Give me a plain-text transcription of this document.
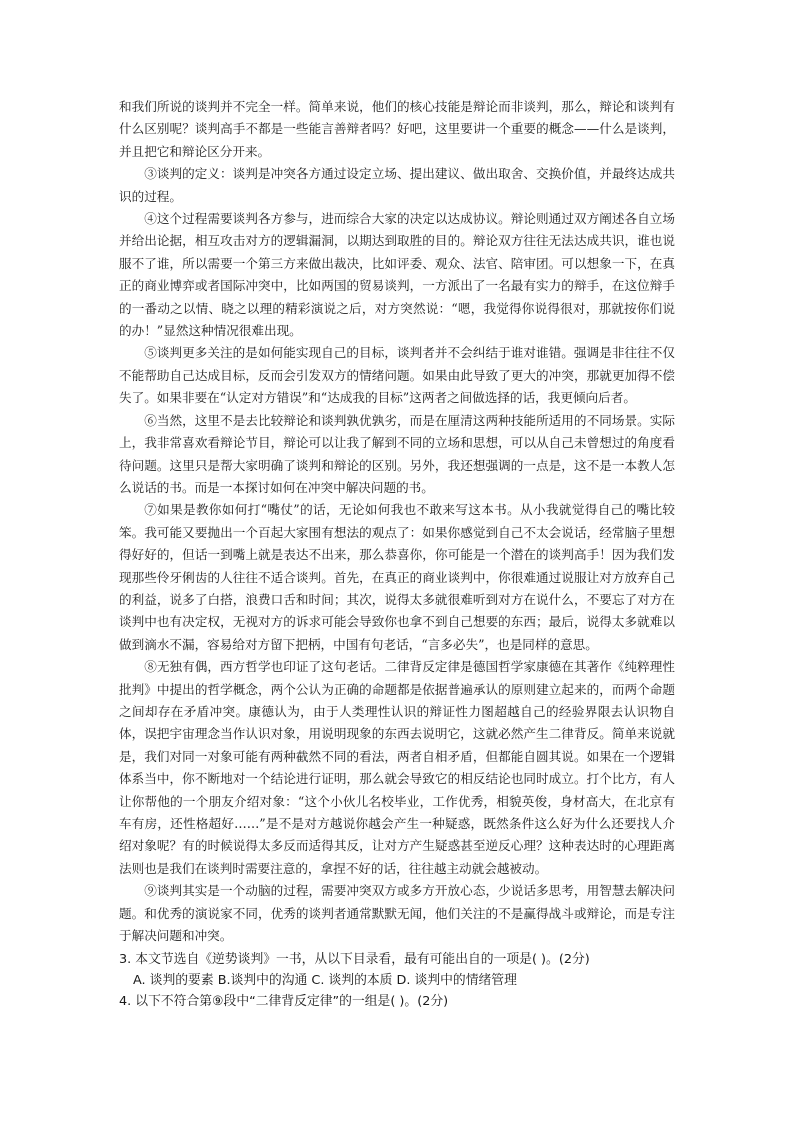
和我们所说的谈判并不完全一样。简单来说，他们的核心技能是辩论而非谈判，那么，辩论和谈判有什么区别呢？谈判高手不都是一些能言善辩者吗？好吧，这里要讲一个重要的概念——什么是谈判，并且把它和辩论区分开来。

③谈判的定义：谈判是冲突各方通过设定立场、提出建议、做出取舍、交换价值，并最终达成共识的过程。

④这个过程需要谈判各方参与，进而综合大家的决定以达成协议。辩论则通过双方阐述各自立场并给出论据，相互攻击对方的逻辑漏洞，以期达到取胜的目的。辩论双方往往无法达成共识，谁也说服不了谁，所以需要一个第三方来做出裁决，比如评委、观众、法官、陪审团。可以想象一下，在真正的商业博弈或者国际冲突中，比如两国的贸易谈判，一方派出了一名最有实力的辩手，在这位辩手的一番动之以情、晓之以理的精彩演说之后，对方突然说：“嗯，我觉得你说得很对，那就按你们说的办！”显然这种情况很难出现。

⑤谈判更多关注的是如何能实现自己的目标，谈判者并不会纠结于谁对谁错。强调是非往往不仅不能帮助自己达成目标，反而会引发双方的情绪问题。如果由此导致了更大的冲突，那就更加得不偿失了。如果非要在“认定对方错误”和“达成我的目标”这两者之间做选择的话，我更倾向后者。

⑥当然，这里不是去比较辩论和谈判孰优孰劣，而是在厘清这两种技能所适用的不同场景。实际上，我非常喜欢看辩论节目，辩论可以让我了解到不同的立场和思想，可以从自己未曾想过的角度看待问题。这里只是帮大家明确了谈判和辩论的区别。另外，我还想强调的一点是，这不是一本教人怎么说话的书。而是一本探讨如何在冲突中解决问题的书。

⑦如果是教你如何打“嘴仗”的话，无论如何我也不敢来写这本书。从小我就觉得自己的嘴比较笨。我可能又要抛出一个百起大家围有想法的观点了：如果你感觉到自己不太会说话，经常脑子里想得好好的，但话一到嘴上就是表达不出来，那么恭喜你，你可能是一个潜在的谈判高手！因为我们发现那些伶牙俐齿的人往往不适合谈判。首先，在真正的商业谈判中，你很难通过说服让对方放弃自己的利益，说多了白搭，浪费口舌和时间；其次，说得太多就很难听到对方在说什么，不要忘了对方在谈判中也有决定权，无视对方的诉求可能会导致你也拿不到自己想要的东西；最后，说得太多就难以做到滴水不漏，容易给对方留下把柄，中国有句老话，“言多必失”，也是同样的意思。

⑧无独有偶，西方哲学也印证了这句老话。二律背反定律是德国哲学家康德在其著作《纯粹理性批判》中提出的哲学概念，两个公认为正确的命题都是依据普遍承认的原则建立起来的，而两个命题之间却存在矛盾冲突。康德认为，由于人类理性认识的辩证性力图超越自己的经验界限去认识物自体，误把宇宙理念当作认识对象，用说明现象的东西去说明它，这就必然产生二律背反。简单来说就是，我们对同一对象可能有两种截然不同的看法，两者自相矛盾，但都能自圆其说。如果在一个逻辑体系当中，你不断地对一个结论进行证明，那么就会导致它的相反结论也同时成立。打个比方，有人让你帮他的一个朋友介绍对象：“这个小伙儿名校毕业，工作优秀，相貌英俊，身材高大，在北京有车有房，还性格超好……”是不是对方越说你越会产生一种疑惑，既然条件这么好为什么还要找人介绍对象呢？有的时候说得太多反而适得其反，让对方产生疑惑甚至逆反心理？这种表达时的心理距离法则也是我们在谈判时需要注意的，拿捏不好的话，往往越主动就会越被动。

⑨谈判其实是一个动脑的过程，需要冲突双方或多方开放心态，少说话多思考，用智慧去解决问题。和优秀的演说家不同，优秀的谈判者通常默默无闻，他们关注的不是赢得战斗或辩论，而是专注于解决问题和冲突。

3. 本文节选自《逆势谈判》一书，从以下目录看，最有可能出自的一项是( )。(2分)

A. 谈判的要素 B.谈判中的沟通 C. 谈判的本质 D. 谈判中的情绪管理

4. 以下不符合第⑨段中“二律背反定律”的一组是( )。(2分)
